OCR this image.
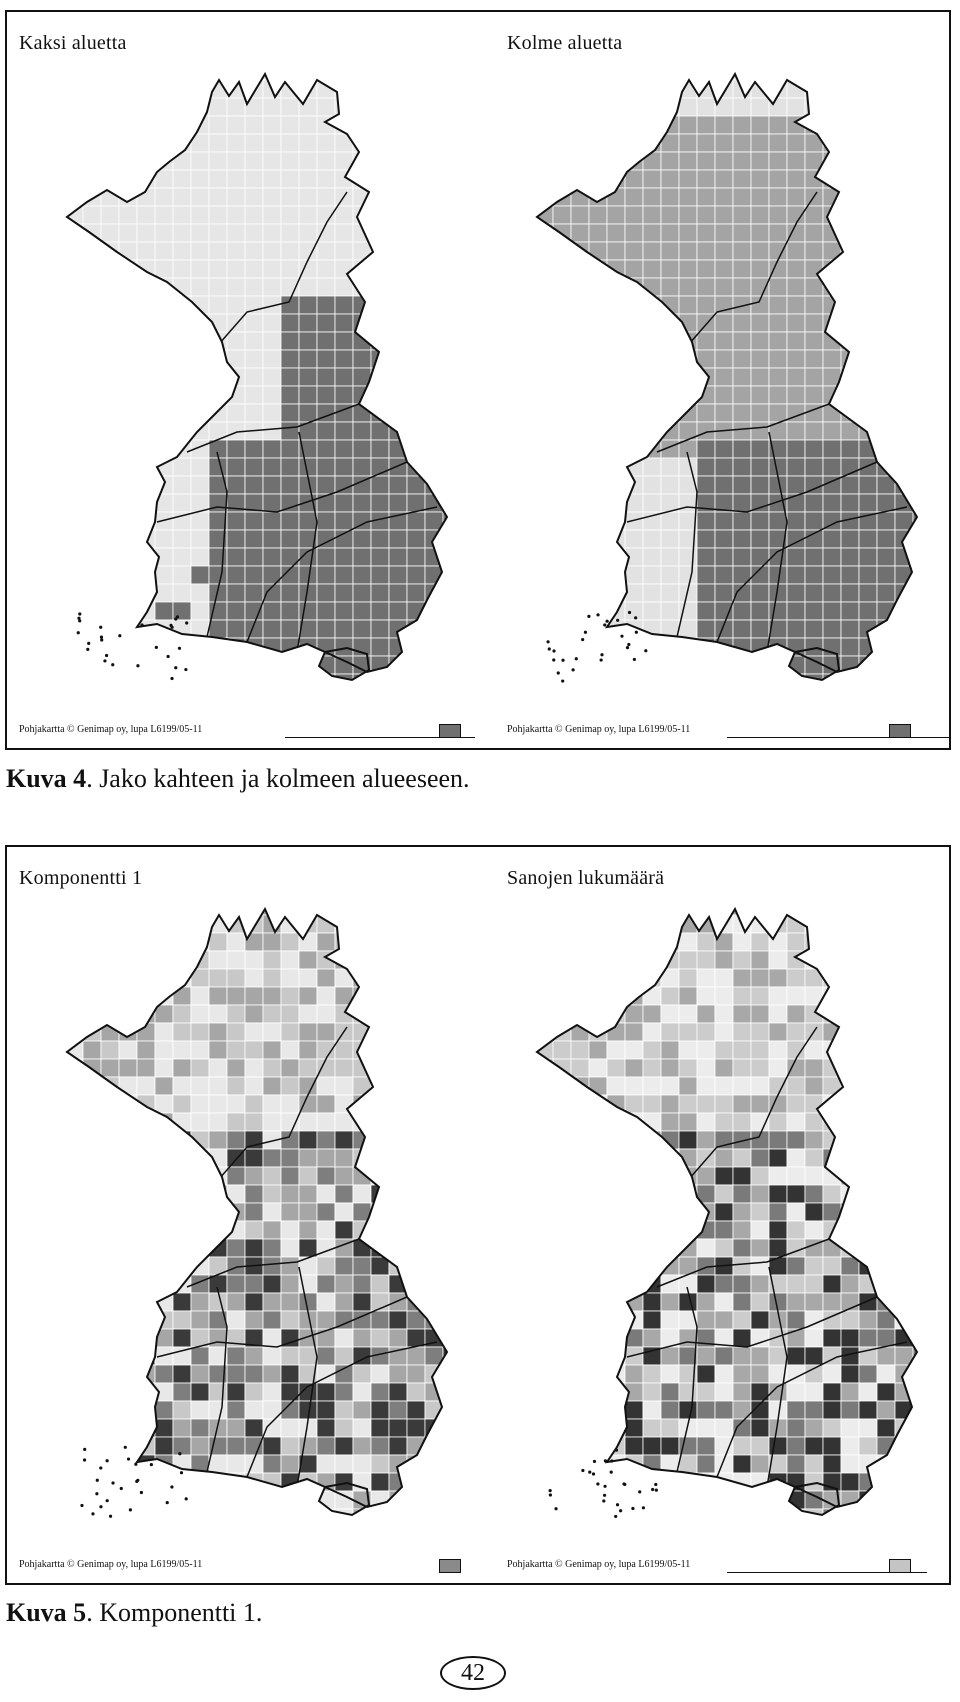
Kaksi aluetta
Pohjakartta © Genimap oy, lupa L6199/05-11
Kolme aluetta
Pohjakartta © Genimap oy, lupa L6199/05-11
Kuva 4. Jako kahteen ja kolmeen alueeseen.
Komponentti 1
Pohjakartta © Genimap oy, lupa L6199/05-11
Sanojen lukumäärä
Pohjakartta © Genimap oy, lupa L6199/05-11
Kuva 5. Komponentti 1.
42
